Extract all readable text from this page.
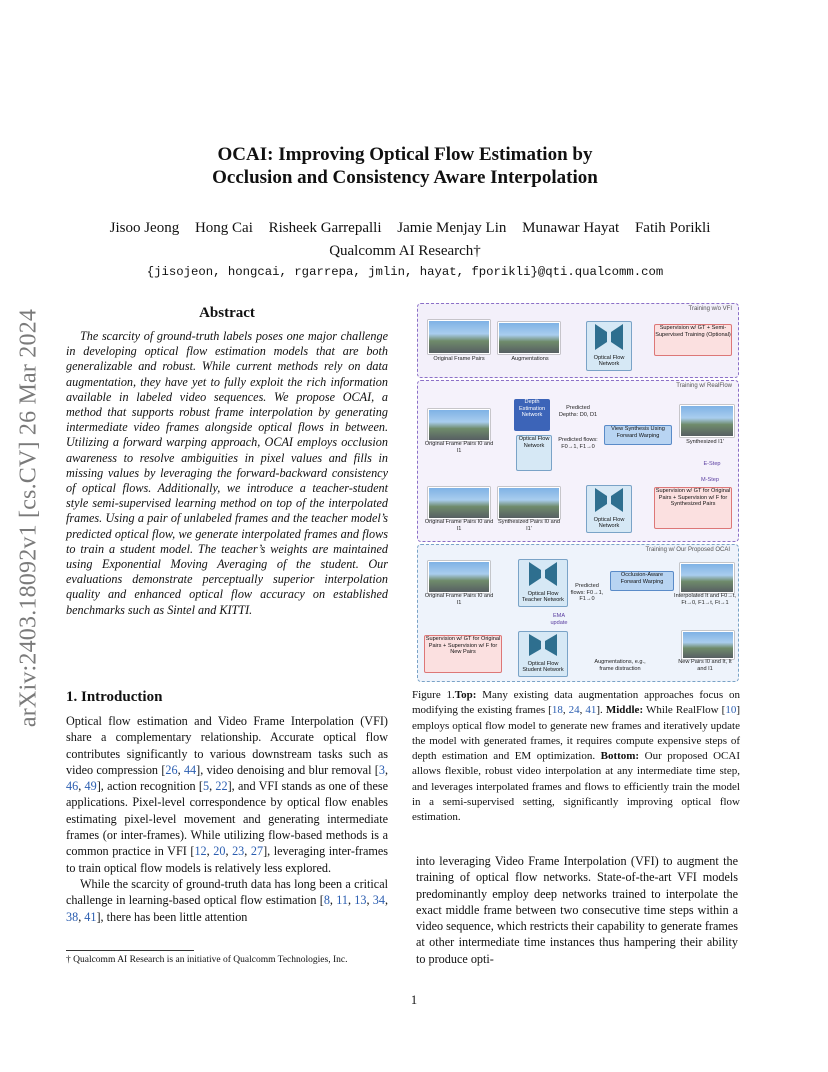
arXiv:2403.18092v1 [cs.CV] 26 Mar 2024
OCAI: Improving Optical Flow Estimation by
Occlusion and Consistency Aware Interpolation
Jisoo Jeong Hong Cai Risheek Garrepalli Jamie Menjay Lin Munawar Hayat Fatih Porikli
Qualcomm AI Research†
{jisojeon, hongcai, rgarrepa, jmlin, hayat, fporikli}@qti.qualcomm.com
Abstract

The scarcity of ground-truth labels poses one major challenge in developing optical flow estimation models that are both generalizable and robust. While current methods rely on data augmentation, they have yet to fully exploit the rich information available in labeled video sequences. We propose OCAI, a method that supports robust frame interpolation by generating intermediate video frames alongside optical flows in between. Utilizing a forward warping approach, OCAI employs occlusion awareness to resolve ambiguities in pixel values and fills in missing values by leveraging the forward-backward consistency of optical flows. Additionally, we introduce a teacher-student style semi-supervised learning method on top of the interpolated frames. Using a pair of unlabeled frames and the teacher model’s predicted optical flow, we generate interpolated frames and flows to train a student model. The teacher’s weights are maintained using Exponential Moving Averaging of the student. Our evaluations demonstrate perceptually superior interpolation quality and enhanced optical flow accuracy on established benchmarks such as Sintel and KITTI.

1. Introduction

Optical flow estimation and Video Frame Interpolation (VFI) share a complementary relationship. Accurate optical flow contributes significantly to various downstream tasks such as video compression [26, 44], video denoising and blur removal [3, 46, 49], action recognition [5, 22], and VFI stands as one of these applications. Pixel-level correspondence by optical flow enables estimating pixel-level movement and generating intermediate frames (or inter-frames). While utilizing flow-based methods is a common practice in VFI [12, 20, 23, 27], leveraging inter-frames to train optical flow models is relatively less explored.

While the scarcity of ground-truth data has long been a critical challenge in learning-based optical flow estimation [8, 11, 13, 34, 38, 41], there has been little attention

† Qualcomm AI Research is an initiative of Qualcomm Technologies, Inc.
Training w/o VFI
Original Frame Pairs	Augmentations	Optical Flow Network
Supervision w/ GT + Semi-Supervised Training (Optional)
Training w/ RealFlow
Original Frame Pairs I0 and I1
Depth Estimation Network
Optical Flow Network
Predicted Depths: D0, D1
Predicted flows: F0→1, F1→0
View Synthesis Using Forward Warping
Synthesized I1'
E-Step
M-Step
Original Frame Pairs I0 and I1
Synthesized Pairs I0 and I1'
Optical Flow Network
Supervision w/ GT for Original Pairs + Supervision w/ F for Synthesized Pairs
Training w/ Our Proposed OCAI
Original Frame Pairs I0 and I1
Optical Flow Teacher Network
Predicted flows: F0→1, F1→0
Occlusion-Aware Forward Warping
Interpolated It and F0→t, Ft→0, F1→t, Ft→1
EMA update
Supervision w/ GT for Original Pairs + Supervision w/ F for New Pairs
Optical Flow Student Network
Augmentations, e.g., frame distraction
New Pairs I0 and It, It and I1
Figure 1.Top: Many existing data augmentation approaches focus on modifying the existing frames [18, 24, 41]. Middle: While RealFlow [10] employs optical flow model to generate new frames and iteratively update the model with generated frames, it requires compute expensive steps of depth estimation and EM optimization. Bottom: Our proposed OCAI allows flexible, robust video interpolation at any intermediate time step, and leverages interpolated frames and flows to efficiently train the model in a semi-supervised setting, significantly improving optical flow estimation.

into leveraging Video Frame Interpolation (VFI) to augment the training of optical flow networks. State-of-the-art VFI models predominantly employ deep networks trained to interpolate the exact middle frame between two consecutive time steps within a video sequence, which restricts their capability to generate frames at other intermediate time instances thus hampering their ability to produce opti-

1
